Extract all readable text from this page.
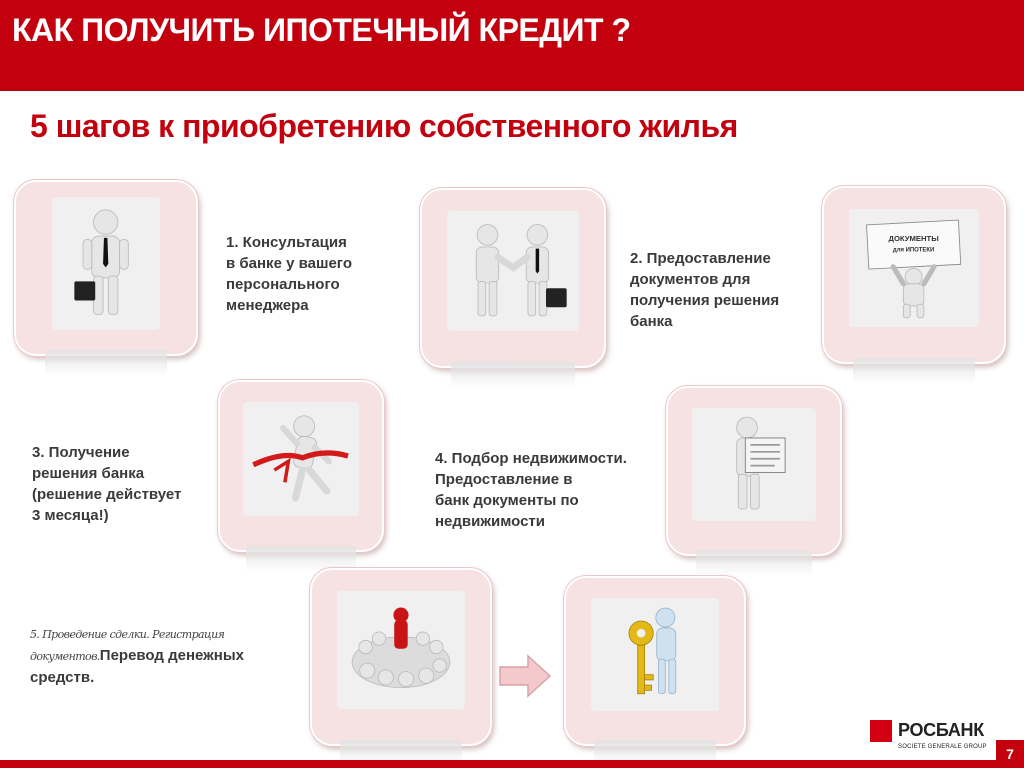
КАК ПОЛУЧИТЬ ИПОТЕЧНЫЙ КРЕДИТ ?
5 шагов к приобретению собственного жилья
1. Консультация
в банке у вашего
персонального
менеджера
2. Предоставление
документов для
получения решения
банка
ДОКУМЕНТЫ
для ИПОТЕКИ
3. Получение
решения банка
(решение действует
3 месяца!)
4. Подбор недвижимости.
Предоставление в
банк документы по
недвижимости
5. Проведение сделки. Регистрация
документов.Перевод денежных
средств.
РОСБАНК
SOCIETE GENERALE GROUP	7
